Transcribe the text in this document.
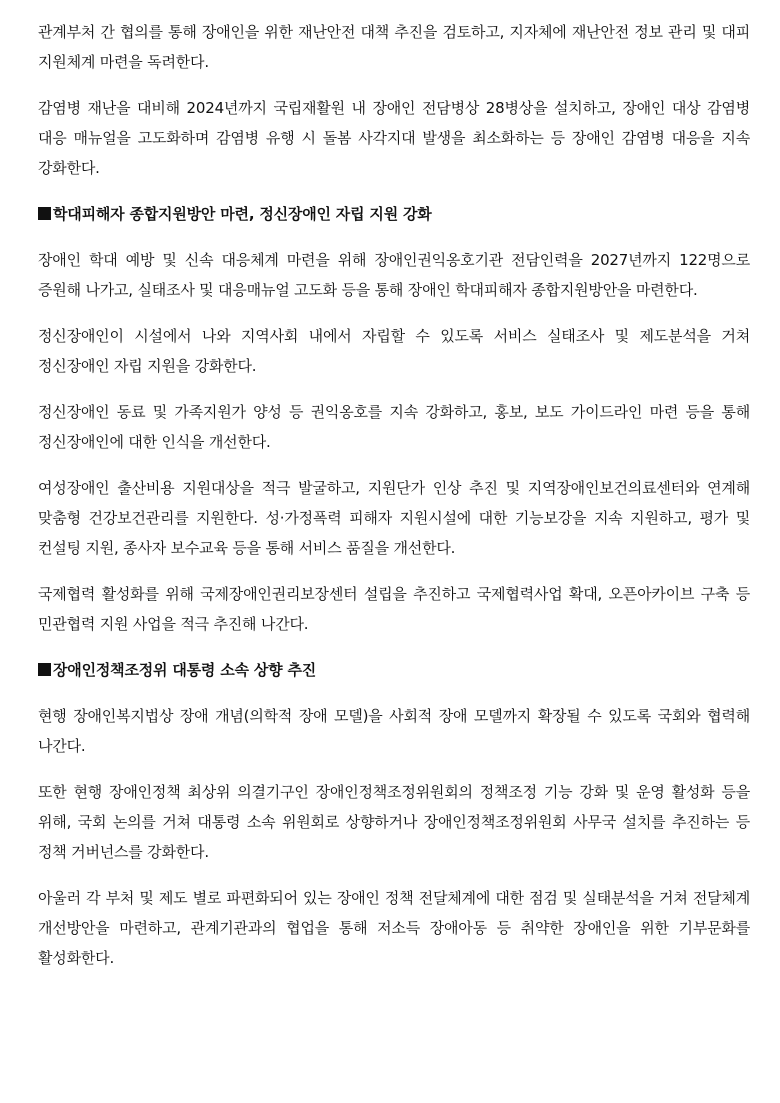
관계부처 간 협의를 통해 장애인을 위한 재난안전 대책 추진을 검토하고, 지자체에 재난안전 정보 관리 및 대피 지원체계 마련을 독려한다.

감염병 재난을 대비해 2024년까지 국립재활원 내 장애인 전담병상 28병상을 설치하고, 장애인 대상 감염병 대응 매뉴얼을 고도화하며 감염병 유행 시 돌봄 사각지대 발생을 최소화하는 등 장애인 감염병 대응을 지속 강화한다.

학대피해자 종합지원방안 마련, 정신장애인 자립 지원 강화

장애인 학대 예방 및 신속 대응체계 마련을 위해 장애인권익옹호기관 전담인력을 2027년까지 122명으로 증원해 나가고, 실태조사 및 대응매뉴얼 고도화 등을 통해 장애인 학대피해자 종합지원방안을 마련한다.

정신장애인이 시설에서 나와 지역사회 내에서 자립할 수 있도록 서비스 실태조사 및 제도분석을 거쳐 정신장애인 자립 지원을 강화한다.

정신장애인 동료 및 가족지원가 양성 등 권익옹호를 지속 강화하고, 홍보, 보도 가이드라인 마련 등을 통해 정신장애인에 대한 인식을 개선한다.

여성장애인 출산비용 지원대상을 적극 발굴하고, 지원단가 인상 추진 및 지역장애인보건의료센터와 연계해 맞춤형 건강보건관리를 지원한다. 성·가정폭력 피해자 지원시설에 대한 기능보강을 지속 지원하고, 평가 및 컨설팅 지원, 종사자 보수교육 등을 통해 서비스 품질을 개선한다.

국제협력 활성화를 위해 국제장애인권리보장센터 설립을 추진하고 국제협력사업 확대, 오픈아카이브 구축 등 민관협력 지원 사업을 적극 추진해 나간다.

장애인정책조정위 대통령 소속 상향 추진

현행 장애인복지법상 장애 개념(의학적 장애 모델)을 사회적 장애 모델까지 확장될 수 있도록 국회와 협력해 나간다.

또한 현행 장애인정책 최상위 의결기구인 장애인정책조정위원회의 정책조정 기능 강화 및 운영 활성화 등을 위해, 국회 논의를 거쳐 대통령 소속 위원회로 상향하거나 장애인정책조정위원회 사무국 설치를 추진하는 등 정책 거버넌스를 강화한다.

아울러 각 부처 및 제도 별로 파편화되어 있는 장애인 정책 전달체계에 대한 점검 및 실태분석을 거쳐 전달체계 개선방안을 마련하고, 관계기관과의 협업을 통해 저소득 장애아동 등 취약한 장애인을 위한 기부문화를 활성화한다.
